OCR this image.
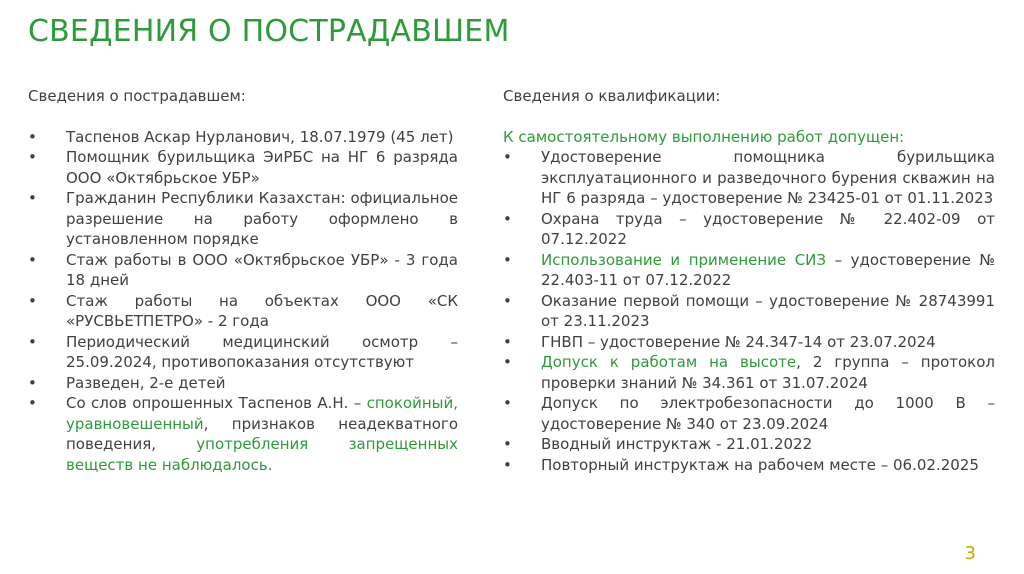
СВЕДЕНИЯ О ПОСТРАДАВШЕМ

Сведения о пострадавшем:

• Таспенов Аскар Нурланович, 18.07.1979 (45 лет)
• Помощник бурильщика ЭиРБС на НГ 6 разряда ООО «Октябрьское УБР»
• Гражданин Республики Казахстан: официальное разрешение на работу оформлено в установленном порядке
• Стаж работы в ООО «Октябрьское УБР» - 3 года 18 дней
• Стаж работы на объектах ООО «СК «РУСВЬЕТПЕТРО» - 2 года
• Периодический медицинский осмотр – 25.09.2024, противопоказания отсутствуют
• Разведен, 2-е детей
• Со слов опрошенных Таспенов А.Н. – спокойный, уравновешенный, признаков неадекватного поведения, употребления запрещенных веществ не наблюдалось.

Сведения о квалификации:

К самостоятельному выполнению работ допущен:

• Удостоверение помощника бурильщика эксплуатационного и разведочного бурения скважин на НГ 6 разряда – удостоверение № 23425-01 от 01.11.2023
• Охрана труда – удостоверение № 22.402-09 от 07.12.2022
• Использование и применение СИЗ – удостоверение № 22.403-11 от 07.12.2022
• Оказание первой помощи – удостоверение № 28743991 от 23.11.2023
• ГНВП – удостоверение № 24.347-14 от 23.07.2024
• Допуск к работам на высоте, 2 группа – протокол проверки знаний № 34.361 от 31.07.2024
• Допуск по электробезопасности до 1000 В – удостоверение № 340 от 23.09.2024
• Вводный инструктаж - 21.01.2022
• Повторный инструктаж на рабочем месте – 06.02.2025
3
